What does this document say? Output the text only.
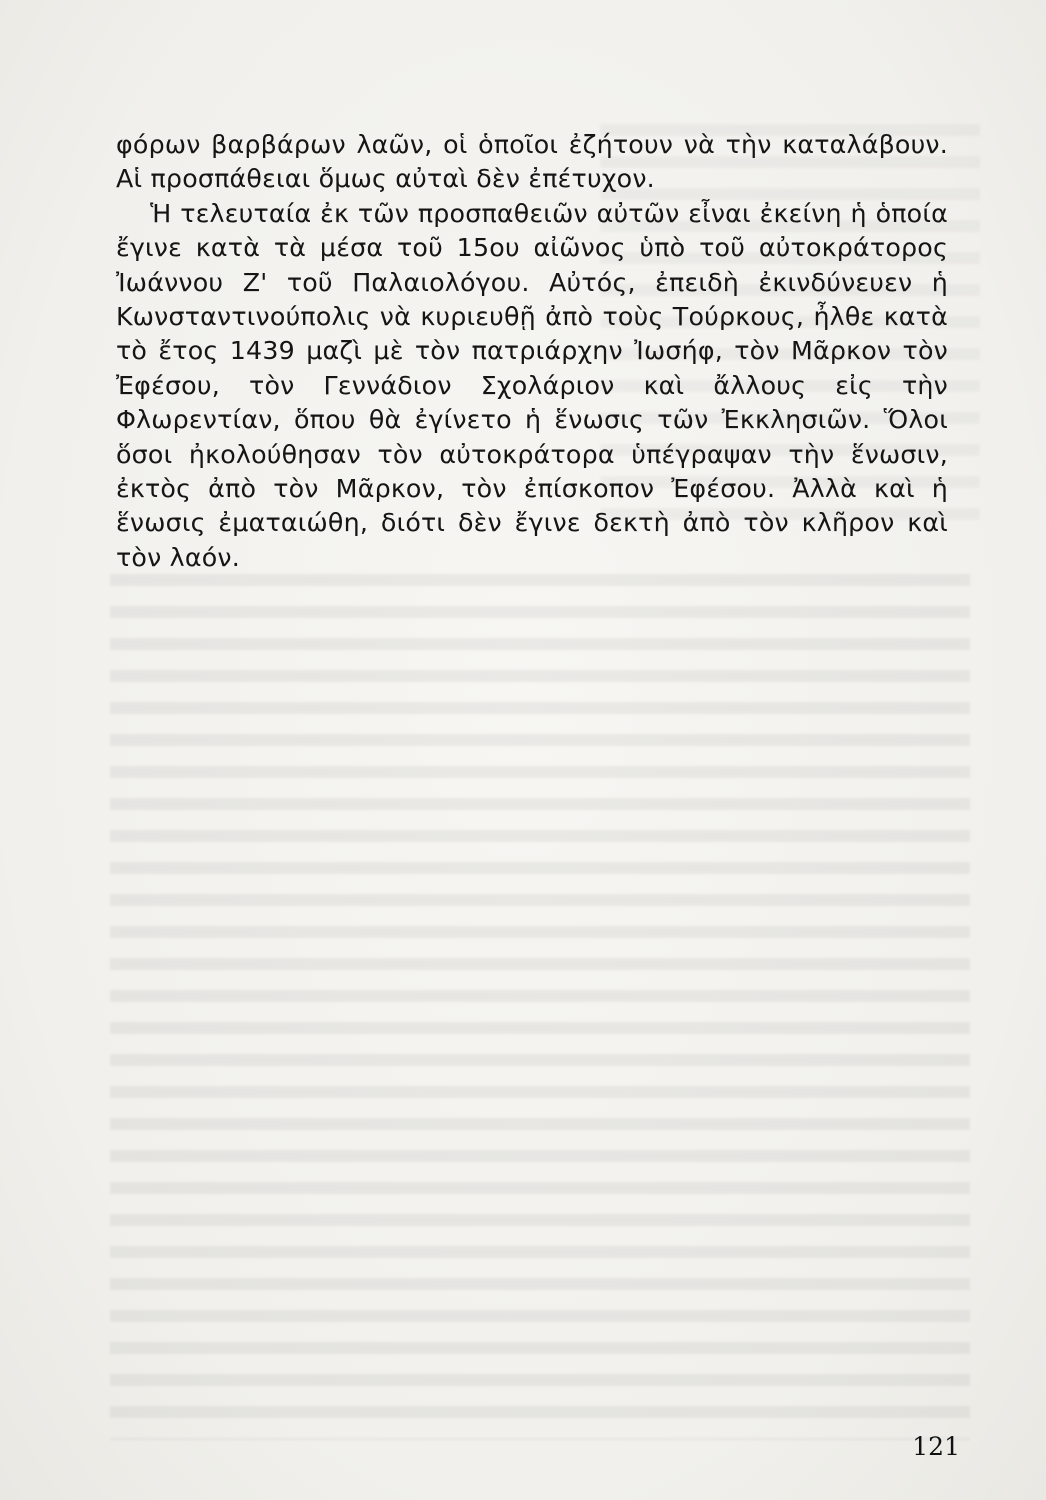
φόρων βαρβάρων λαῶν, οἱ ὁποῖοι ἐζήτουν νὰ τὴν καταλάβουν. Αἱ προσπάθειαι ὅμως αὐταὶ δὲν ἐπέτυχον.

Ἡ τελευταία ἐκ τῶν προσπαθειῶν αὐτῶν εἶναι ἐκείνη ἡ ὁποία ἔγινε κατὰ τὰ μέσα τοῦ 15ου αἰῶνος ὑπὸ τοῦ αὐτοκράτορος Ἰωάννου Ζ' τοῦ Παλαιολόγου. Αὐτός, ἐπειδὴ ἐκινδύνευεν ἡ Κωνσταντινούπολις νὰ κυριευθῇ ἀπὸ τοὺς Τούρκους, ἦλθε κατὰ τὸ ἔτος 1439 μαζὶ μὲ τὸν πατριάρχην Ἰωσήφ, τὸν Μᾶρκον τὸν Ἐφέσου, τὸν Γεννάδιον Σχολάριον καὶ ἄλλους εἰς τὴν Φλωρεντίαν, ὅπου θὰ ἐγίνετο ἡ ἕνωσις τῶν Ἐκκλησιῶν. Ὅλοι ὅσοι ἠκολούθησαν τὸν αὐτοκράτορα ὑπέγραψαν τὴν ἕνωσιν, ἐκτὸς ἀπὸ τὸν Μᾶρκον, τὸν ἐπίσκοπον Ἐφέσου. Ἀλλὰ καὶ ἡ ἕνωσις ἐματαιώθη, διότι δὲν ἔγινε δεκτὴ ἀπὸ τὸν κλῆρον καὶ τὸν λαόν.

121
